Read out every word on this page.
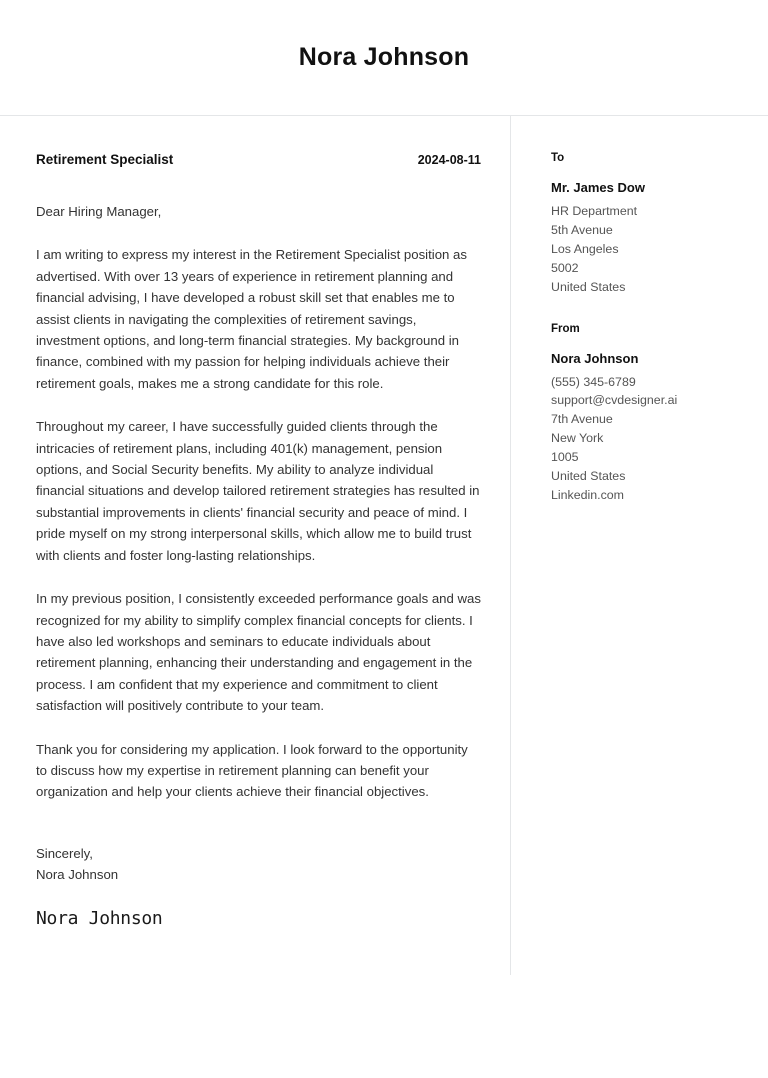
Nora Johnson
Retirement Specialist	2024-08-11
Dear Hiring Manager,

I am writing to express my interest in the Retirement Specialist position as advertised. With over 13 years of experience in retirement planning and financial advising, I have developed a robust skill set that enables me to assist clients in navigating the complexities of retirement savings, investment options, and long-term financial strategies. My background in finance, combined with my passion for helping individuals achieve their retirement goals, makes me a strong candidate for this role.

Throughout my career, I have successfully guided clients through the intricacies of retirement plans, including 401(k) management, pension options, and Social Security benefits. My ability to analyze individual financial situations and develop tailored retirement strategies has resulted in substantial improvements in clients' financial security and peace of mind. I pride myself on my strong interpersonal skills, which allow me to build trust with clients and foster long-lasting relationships.

In my previous position, I consistently exceeded performance goals and was recognized for my ability to simplify complex financial concepts for clients. I have also led workshops and seminars to educate individuals about retirement planning, enhancing their understanding and engagement in the process. I am confident that my experience and commitment to client satisfaction will positively contribute to your team.

Thank you for considering my application. I look forward to the opportunity to discuss how my expertise in retirement planning can benefit your organization and help your clients achieve their financial objectives.

Sincerely,
Nora Johnson
Nora Johnson
To
Mr. James Dow
HR Department
5th Avenue
Los Angeles
5002
United States
From
Nora Johnson
(555) 345-6789
support@cvdesigner.ai
7th Avenue
New York
1005
United States
Linkedin.com
